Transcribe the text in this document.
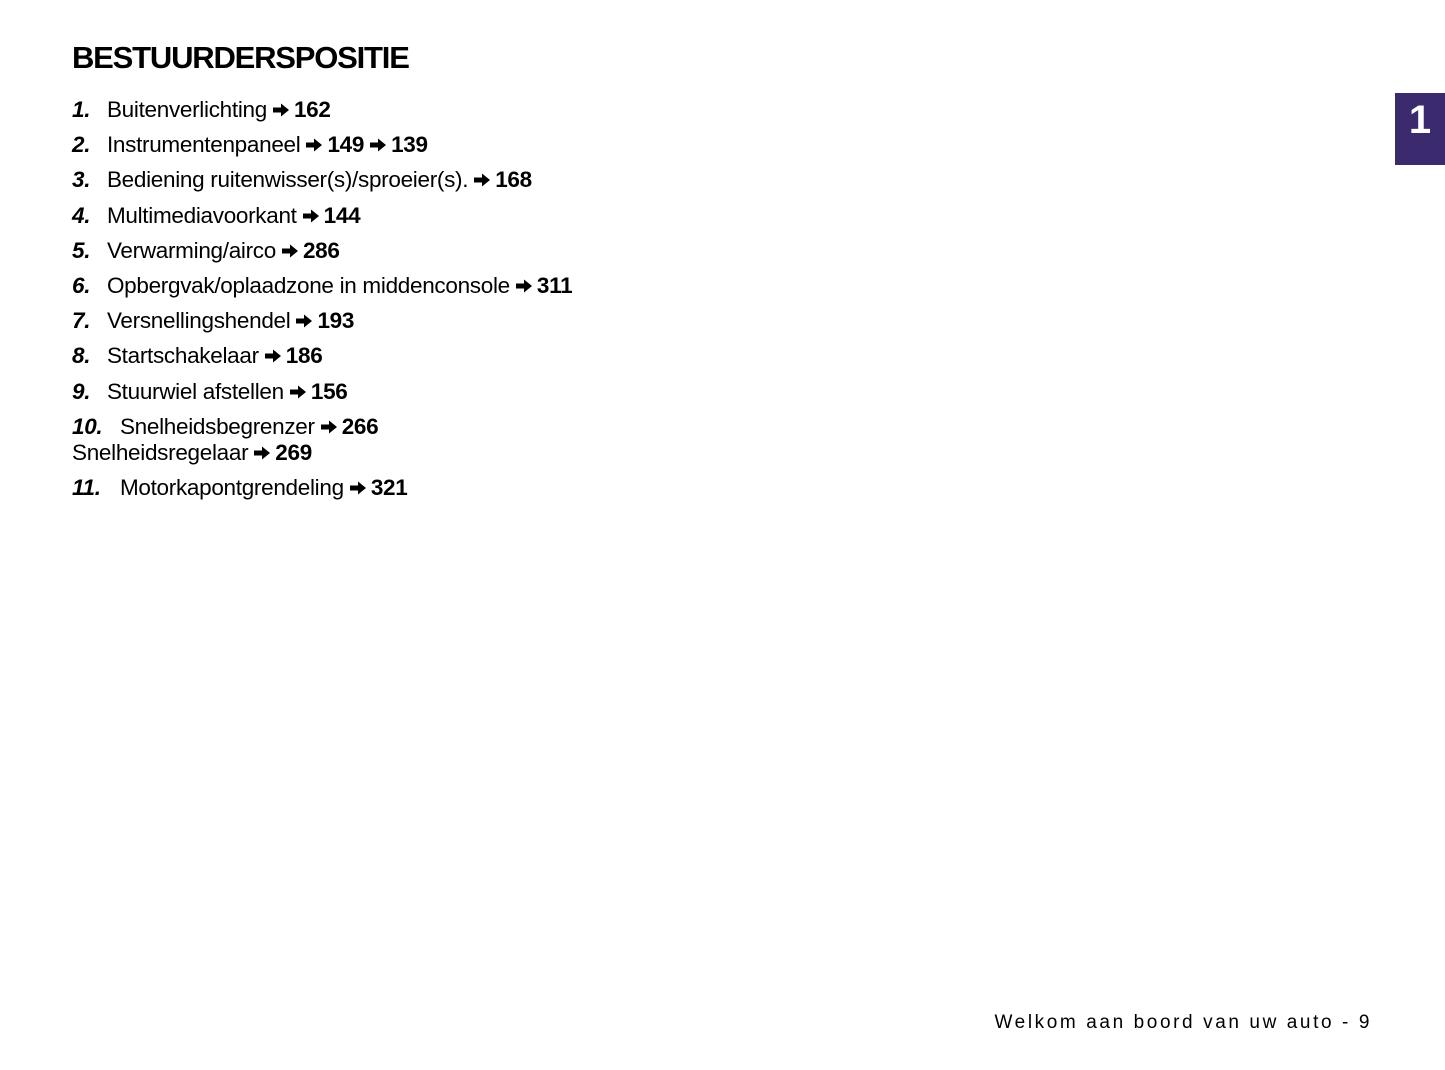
BESTUURDERSPOSITIE
1
1. Buitenverlichting 162
2. Instrumentenpaneel 149 139
3. Bediening ruitenwisser(s)/sproeier(s). 168
4. Multimediavoorkant 144
5. Verwarming/airco 286
6. Opbergvak/oplaadzone in middenconsole 311
7. Versnellingshendel 193
8. Startschakelaar 186
9. Stuurwiel afstellen 156
10. Snelheidsbegrenzer 266
Snelheidsregelaar 269
11. Motorkapontgrendeling 321
Welkom aan boord van uw auto - 9
